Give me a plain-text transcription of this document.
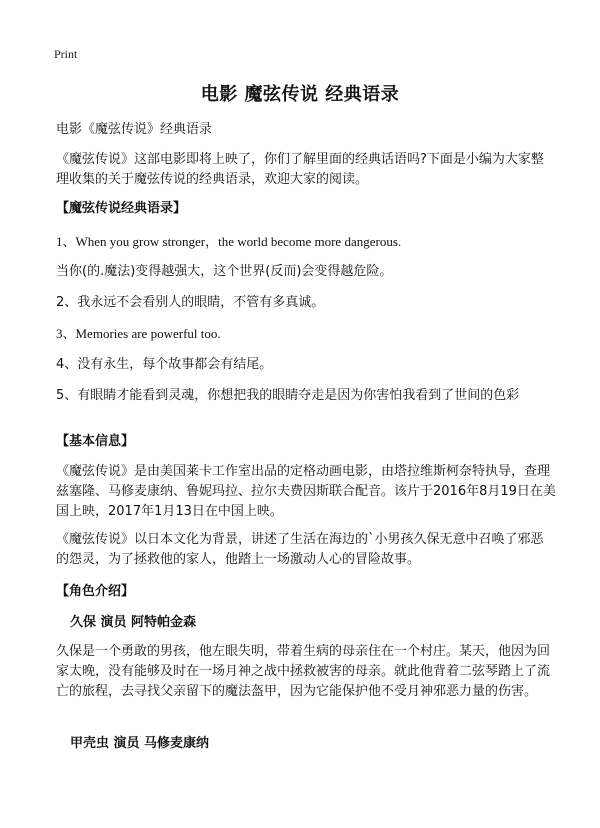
Print
电影 魔弦传说 经典语录

电影《魔弦传说》经典语录

《魔弦传说》这部电影即将上映了，你们了解里面的经典话语吗?下面是小编为大家整理收集的关于魔弦传说的经典语录，欢迎大家的阅读。

【魔弦传说经典语录】

1、When you grow stronger，the world become more dangerous.

当你(的.魔法)变得越强大，这个世界(反而)会变得越危险。

2、我永远不会看别人的眼睛，不管有多真诚。

3、Memories are powerful too.

4、没有永生，每个故事都会有结尾。

5、有眼睛才能看到灵魂，你想把我的眼睛夺走是因为你害怕我看到了世间的色彩

【基本信息】

《魔弦传说》是由美国莱卡工作室出品的定格动画电影，由塔拉维斯柯奈特执导，查理兹塞隆、马修麦康纳、鲁妮玛拉、拉尔夫费因斯联合配音。该片于2016年8月19日在美国上映，2017年1月13日在中国上映。

《魔弦传说》以日本文化为背景，讲述了生活在海边的`小男孩久保无意中召唤了邪恶的怨灵，为了拯救他的家人，他踏上一场激动人心的冒险故事。

【角色介绍】

久保 演员 阿特帕金森

久保是一个勇敢的男孩，他左眼失明，带着生病的母亲住在一个村庄。某天，他因为回家太晚，没有能够及时在一场月神之战中拯救被害的母亲。就此他背着二弦琴踏上了流亡的旅程，去寻找父亲留下的魔法盔甲，因为它能保护他不受月神邪恶力量的伤害。

甲壳虫 演员 马修麦康纳
